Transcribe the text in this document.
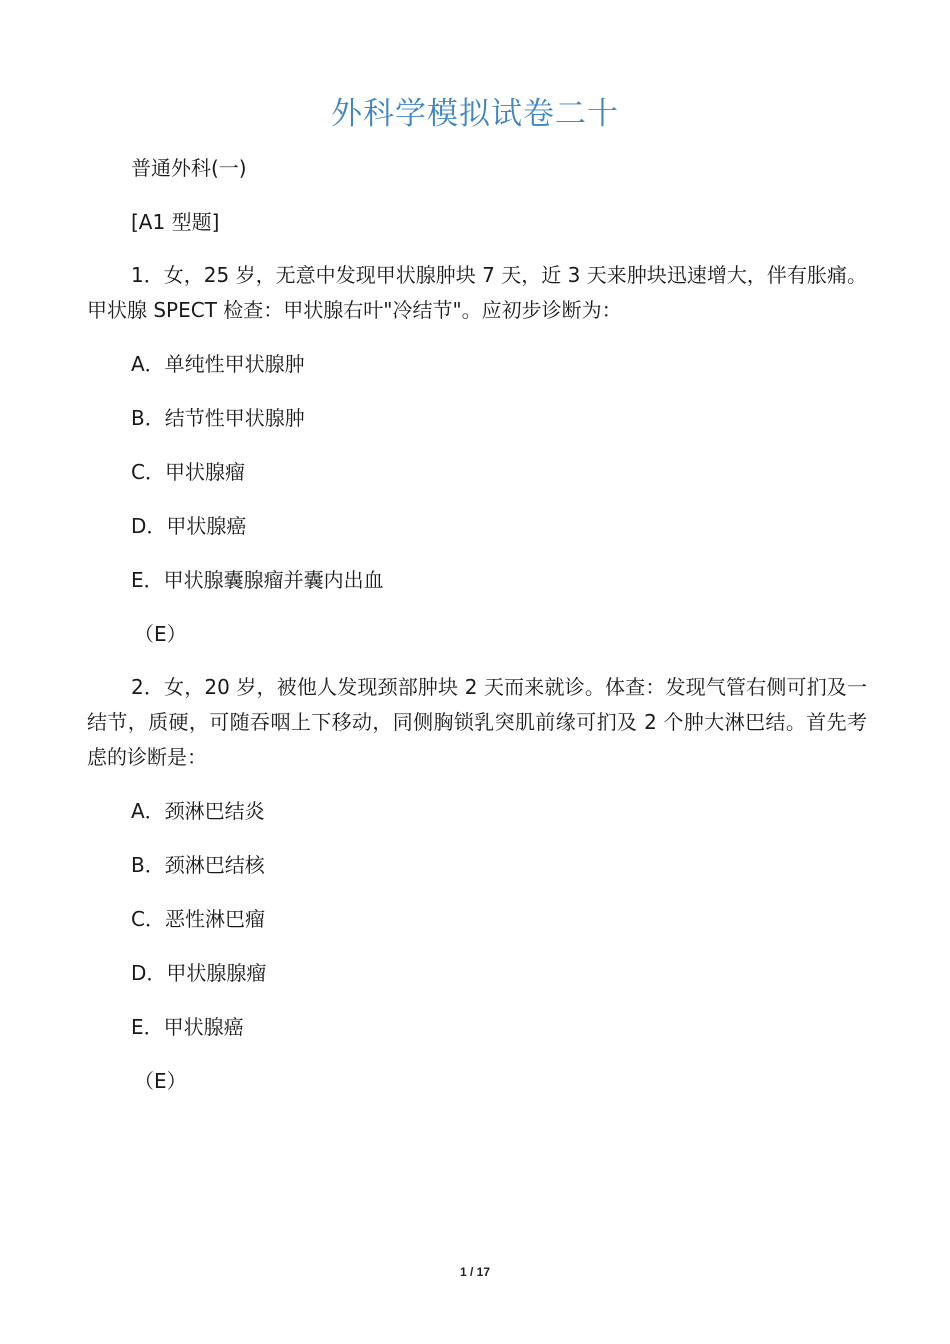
外科学模拟试卷二十
普通外科(一)
[A1 型题]
1．女，25 岁，无意中发现甲状腺肿块 7 天，近 3 天来肿块迅速增大，伴有胀痛。甲状腺 SPECT 检查：甲状腺右叶"冷结节"。应初步诊断为：
A．单纯性甲状腺肿
B．结节性甲状腺肿
C．甲状腺瘤
D．甲状腺癌
E．甲状腺囊腺瘤并囊内出血
（E）
2．女，20 岁，被他人发现颈部肿块 2 天而来就诊。体查：发现气管右侧可扪及一结节，质硬，可随吞咽上下移动，同侧胸锁乳突肌前缘可扪及 2 个肿大淋巴结。首先考虑的诊断是：
A．颈淋巴结炎
B．颈淋巴结核
C．恶性淋巴瘤
D．甲状腺腺瘤
E．甲状腺癌
（E）
1 / 17
